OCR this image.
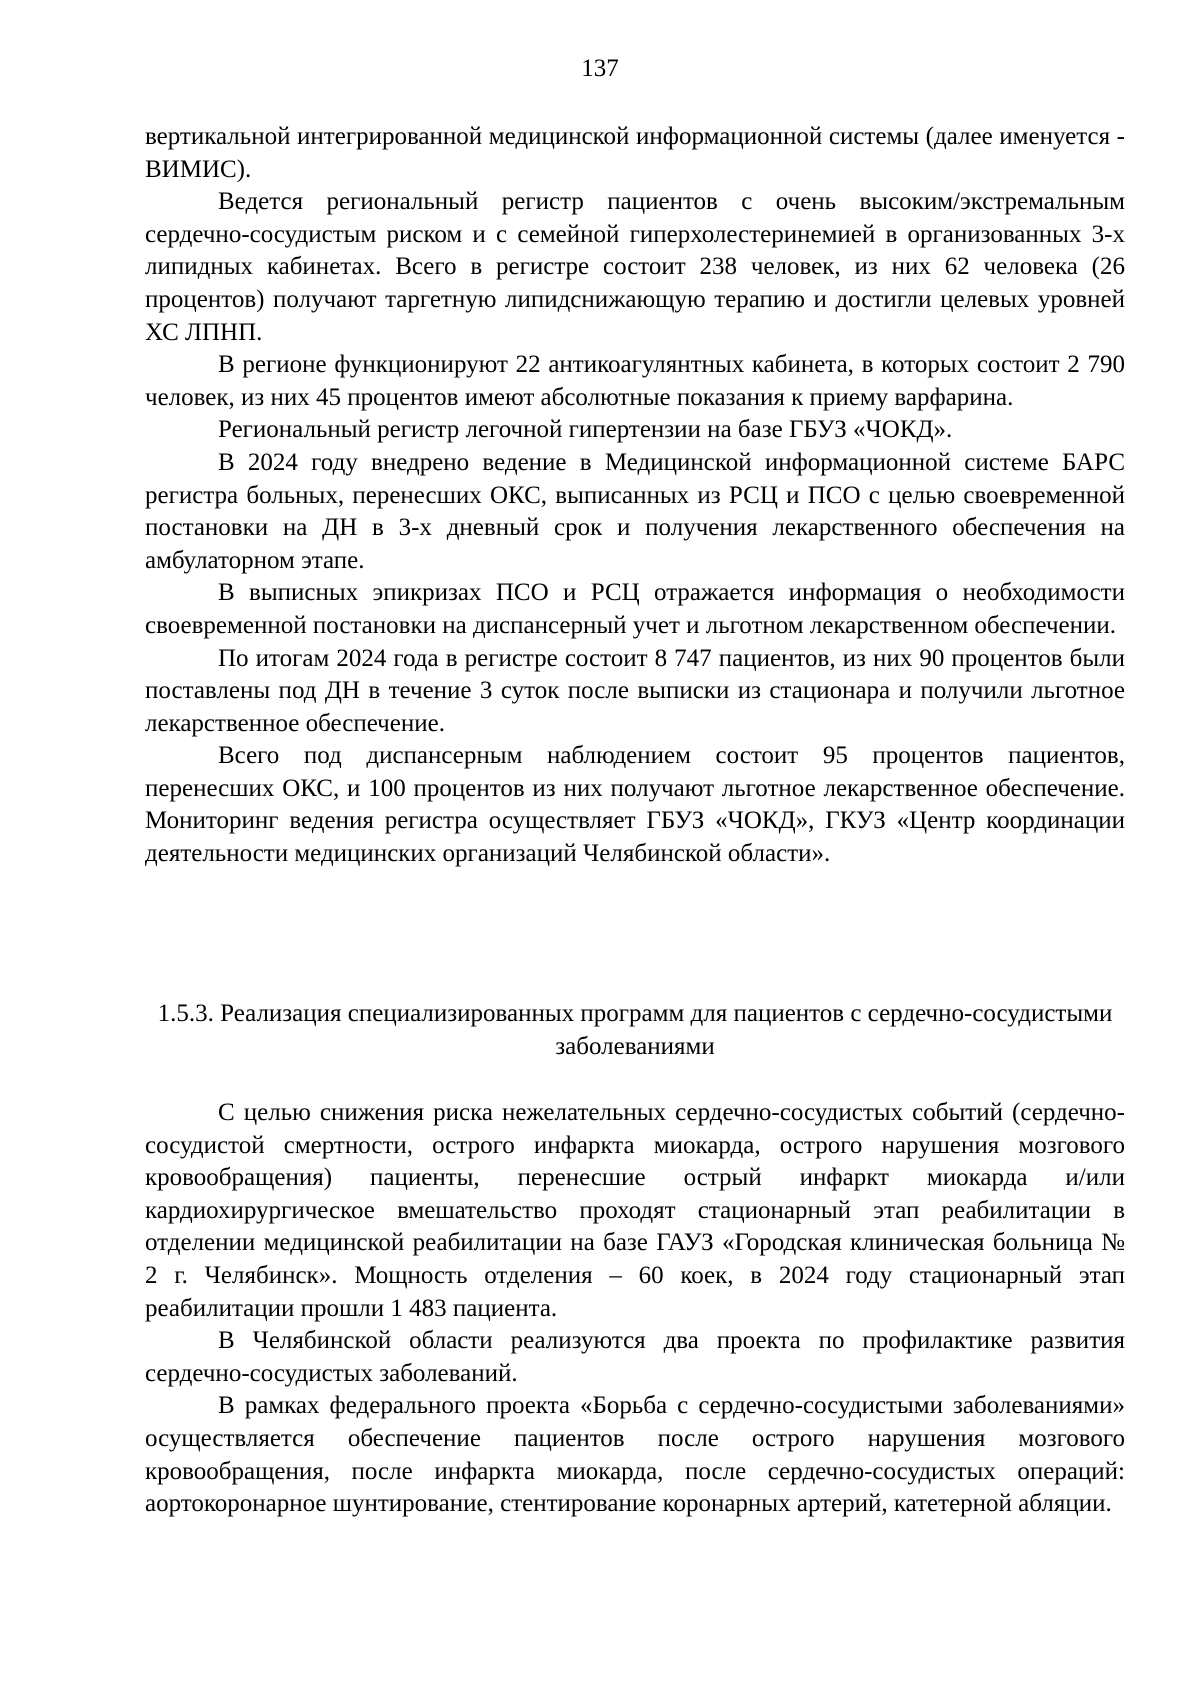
137

вертикальной интегрированной медицинской информационной системы (далее именуется - ВИМИС).

Ведется региональный регистр пациентов с очень высоким/экстремальным сердечно-сосудистым риском и с семейной гиперхолестеринемией в организованных 3-х липидных кабинетах. Всего в регистре состоит 238 человек, из них 62 человека (26 процентов) получают таргетную липидснижающую терапию и достигли целевых уровней ХС ЛПНП.

В регионе функционируют 22 антикоагулянтных кабинета, в которых состоит 2 790 человек, из них 45 процентов имеют абсолютные показания к приему варфарина.

Региональный регистр легочной гипертензии на базе ГБУЗ «ЧОКД».

В 2024 году внедрено ведение в Медицинской информационной системе БАРС регистра больных, перенесших ОКС, выписанных из РСЦ и ПСО с целью своевременной постановки на ДН в 3-х дневный срок и получения лекарственного обеспечения на амбулаторном этапе.

В выписных эпикризах ПСО и РСЦ отражается информация о необходимости своевременной постановки на диспансерный учет и льготном лекарственном обеспечении.

По итогам 2024 года в регистре состоит 8 747 пациентов, из них 90 процентов были поставлены под ДН в течение 3 суток после выписки из стационара и получили льготное лекарственное обеспечение.

Всего под диспансерным наблюдением состоит 95 процентов пациентов, перенесших ОКС, и 100 процентов из них получают льготное лекарственное обеспечение. Мониторинг ведения регистра осуществляет ГБУЗ «ЧОКД», ГКУЗ «Центр координации деятельности медицинских организаций Челябинской области».

1.5.3. Реализация специализированных программ для пациентов с сердечно-сосудистыми заболеваниями

С целью снижения риска нежелательных сердечно-сосудистых событий (сердечно-сосудистой смертности, острого инфаркта миокарда, острого нарушения мозгового кровообращения) пациенты, перенесшие острый инфаркт миокарда и/или кардиохирургическое вмешательство проходят стационарный этап реабилитации в отделении медицинской реабилитации на базе ГАУЗ «Городская клиническая больница № 2 г. Челябинск». Мощность отделения – 60 коек, в 2024 году стационарный этап реабилитации прошли 1 483 пациента.

В Челябинской области реализуются два проекта по профилактике развития сердечно-сосудистых заболеваний.

В рамках федерального проекта «Борьба с сердечно-сосудистыми заболеваниями» осуществляется обеспечение пациентов после острого нарушения мозгового кровообращения, после инфаркта миокарда, после сердечно-сосудистых операций: аортокоронарное шунтирование, стентирование коронарных артерий, катетерной абляции.
